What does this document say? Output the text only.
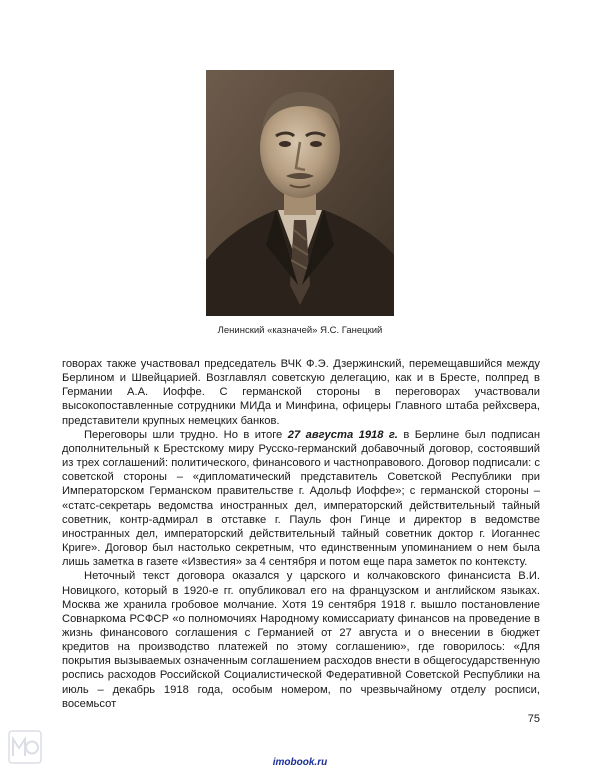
Ленинский «казначей» Я.С. Ганецкий

говорах также участвовал председатель ВЧК Ф.Э. Дзержинский, перемещавшийся между Берлином и Швейцарией. Возглавлял советскую делегацию, как и в Бресте, полпред в Германии А.А. Иоффе. С германской стороны в переговорах участвовали высокопоставленные сотрудники МИДа и Минфина, офицеры Главного штаба рейхсвера, представители крупных немецких банков.

Переговоры шли трудно. Но в итоге 27 августа 1918 г. в Берлине был подписан дополнительный к Брестскому миру Русско-германский добавочный договор, состоявший из трех соглашений: политического, финансового и частноправового. Договор подписали: с советской стороны – «дипломатический представитель Советской Республики при Императорском Германском правительстве г. Адольф Иоффе»; с германской стороны – «статс-секретарь ведомства иностранных дел, императорский действительный тайный советник, контр-адмирал в отставке г. Пауль фон Гинце и директор в ведомстве иностранных дел, императорский действительный тайный советник доктор г. Иоганнес Криге». Договор был настолько секретным, что единственным упоминанием о нем была лишь заметка в газете «Известия» за 4 сентября и потом еще пара заметок по контексту.

Неточный текст договора оказался у царского и колчаковского финансиста В.И. Новицкого, который в 1920-е гг. опубликовал его на французском и английском языках. Москва же хранила гробовое молчание. Хотя 19 сентября 1918 г. вышло постановление Совнаркома РСФСР «о полномочиях Народному комиссариату финансов на проведение в жизнь финансового соглашения с Германией от 27 августа и о внесении в бюджет кредитов на производство платежей по этому соглашению», где говорилось: «Для покрытия вызываемых означенным соглашением расходов внести в общегосударственную роспись расходов Российской Социалистической Федеративной Советской Республики на июль – декабрь 1918 года, особым номером, по чрезвычайному отделу росписи, восемьсот

75
imobook.ru
